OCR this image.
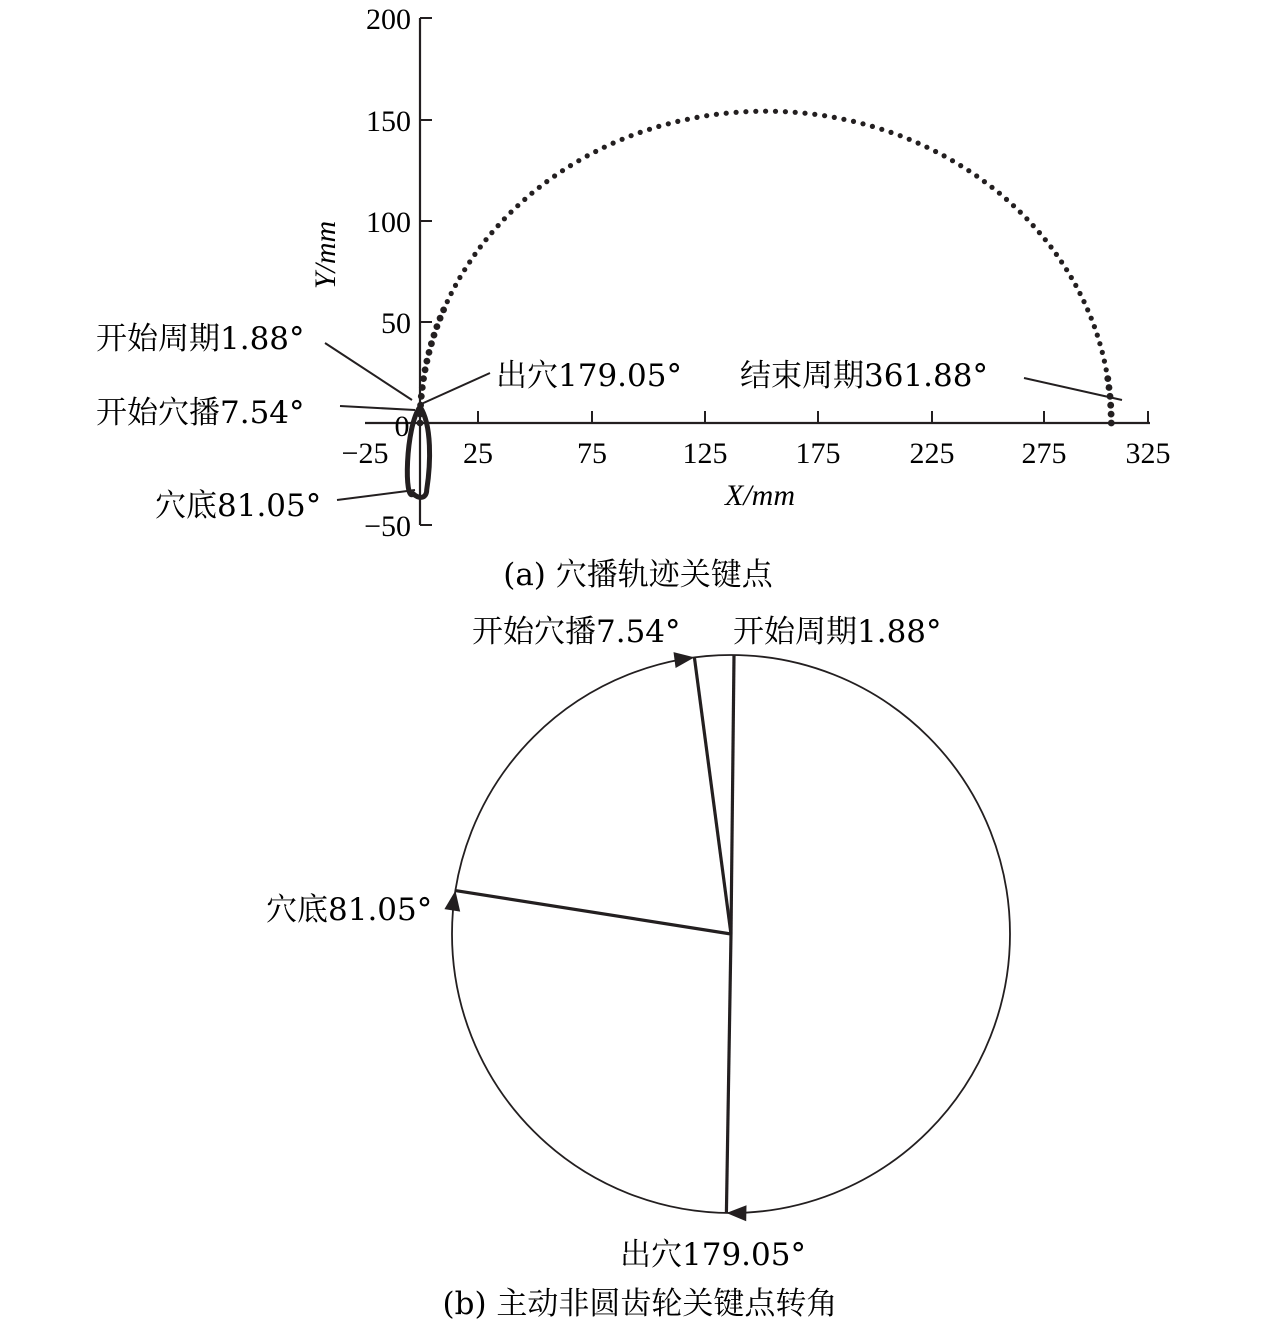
200
150
100
50
−50
0
−25 25	75	125 175 225 275 325
X/mm
Y/mm
开始周期1.88°
开始穴播7.54°
出穴179.05° 结束周期361.88°
穴底81.05°
(a) 穴播轨迹关键点
开始穴播7.54° 开始周期1.88°
穴底81.05°
出穴179.05°
(b) 主动非圆齿轮关键点转角
